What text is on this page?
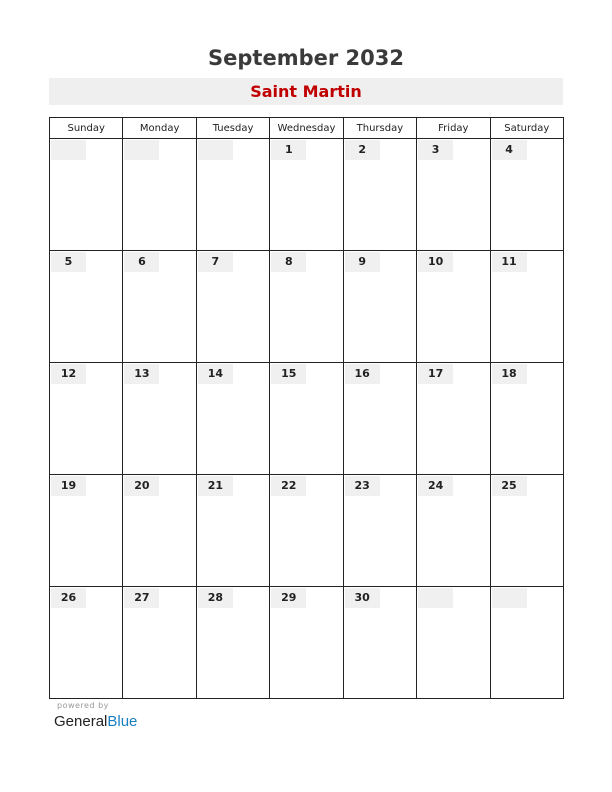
September 2032
Saint Martin
Sunday	Monday	Tuesday	Wednesday	Thursday	Friday	Saturday

			1	2	3	4

5	6	7	8	9	10	11

12	13	14	15	16	17	18

19	20	21	22	23	24	25

26	27	28	29	30		

powered by
GeneralBlue
